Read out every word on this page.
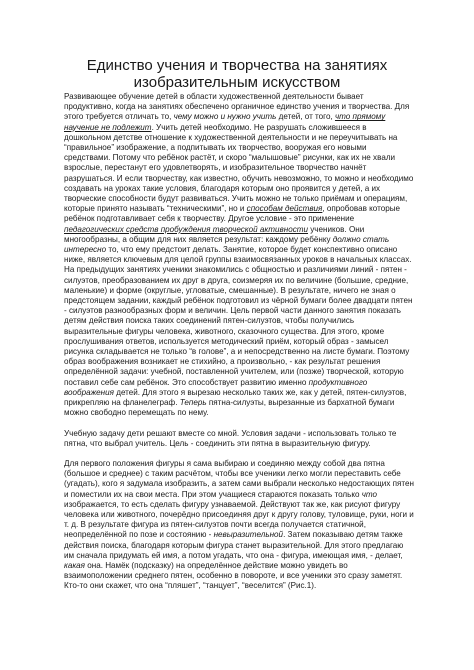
Единство учения и творчества на занятиях
изобразительным искусством

Развивающее обучение детей в области художественной деятельности бывает продуктивно, когда на занятиях обеспечено органичное единство учения и творчества. Для этого требуется отличать то, чему можно и нужно учить детей, от того, что прямому научение не подлежит. Учить детей необходимо. Не разрушать сложившееся в дошкольном детстве отношение к художественной деятельности и не переучитывать на “правильное” изображение, а подпитывать их творчество, вооружая его новыми средствами. Потому что ребёнок растёт, и скоро “малышовые” рисунки, как их не хвали взрослые, перестанут его удовлетворять, и изобразительное творчество начнёт разрушаться. И если творчеству, как известно, обучить невозможно, то можно и необходимо создавать на уроках такие условия, благодаря которым оно проявится у детей, а их творческие способности будут развиваться. Учить можно не только приёмам и операциям, которые принято называть “техническими”, но и способам действия, опробовав которые ребёнок подготавливает себя к творчеству. Другое условие - это применение педагогических средств пробуждения творческой активности учеников. Они многообразны, а общим для них является результат: каждому ребёнку должно стать интересно то, что ему предстоит делать. Занятие, которое будет конспективно описано ниже, является ключевым для целой группы взаимосвязанных уроков в начальных классах. На предыдущих занятиях ученики знакомились с общностью и различиями линий - пятен - силуэтов, преобразованием их друг в друга, соизмеряя их по величине (большие, средние, маленькие) и форме (округлые, угловатые, смешанные). В результате, ничего не зная о предстоящем задании, каждый ребёнок подготовил из чёрной бумаги более двадцати пятен - силуэтов разнообразных форм и величин. Цель первой части данного занятия показать детям действия поиска таких соединений пятен-силуэтов, чтобы получились выразительные фигуры человека, животного, сказочного существа. Для этого, кроме прослушивания ответов, используется методический приём, который образ - замысел рисунка складывается не только “в голове”, а и непосредственно на листе бумаги. Поэтому образ воображения возникает не стихийно, а произвольно, - как результат решения определённой задачи: учебной, поставленной учителем, или (позже) творческой, которую поставил себе сам ребёнок. Это способствует развитию именно продуктивного воображения детей. Для этого я вырезаю несколько таких же, как у детей, пятен-силуэтов, прикрепляю на фланелеграф. Теперь пятна-силуэты, вырезанные из бархатной бумаги можно свободно перемещать по нему.

Учебную задачу дети решают вместе со мной. Условия задачи - использовать только те пятна, что выбрал учитель. Цель - соединить эти пятна в выразительную фигуру.

Для первого положения фигуры я сама выбираю и соединяю между собой два пятна (большое и среднее) с таким расчётом, чтобы все ученики легко могли переставить себе (угадать), кого я задумала изобразить, а затем сами выбрали несколько недостающих пятен и поместили их на свои места. При этом учащиеся стараются показать только что изображается, то есть сделать фигуру узнаваемой. Действуют так же, как рисуют фигуру человека или животного, почерёдно присоединяя друг к другу голову, туловище, руки, ноги и т. д. В результате фигура из пятен-силуэтов почти всегда получается статичной, неопределённой по позе и состоянию - невыразительной. Затем показываю детям также действия поиска, благодаря которым фигура станет выразительной. Для этого предлагаю им сначала придумать ей имя, а потом угадать, что она - фигура, имеющая имя, - делает, какая она. Намёк (подсказку) на определённое действие можно увидеть во взаимоположении среднего пятен, особенно в повороте, и все ученики это сразу заметят. Кто-то они скажет, что она “пляшет”, “танцует”, “веселится” (Рис.1).
